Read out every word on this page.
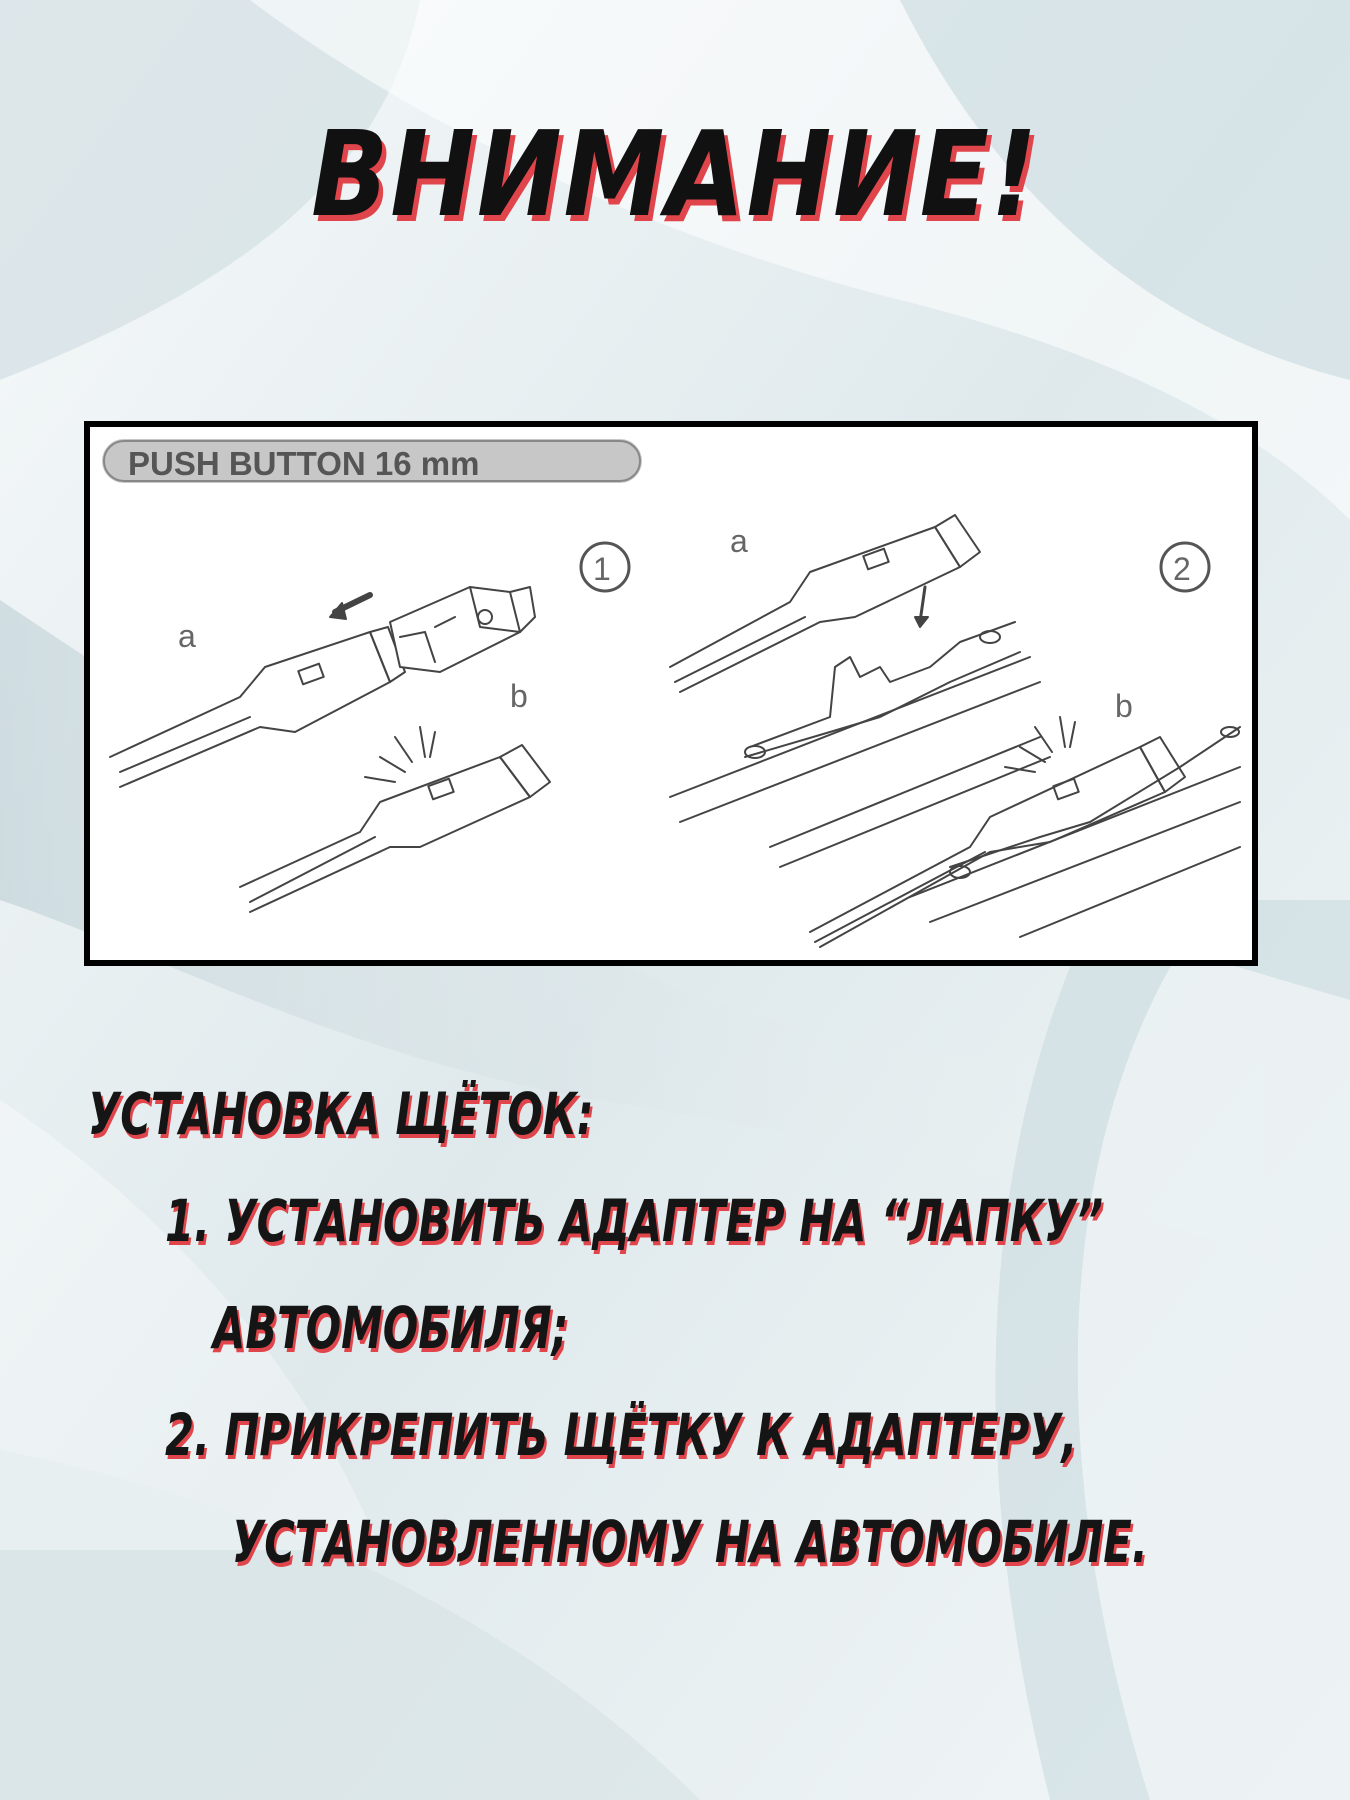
ВНИМАНИЕ!
PUSH BUTTON 16 mm
1	2
a
b
a
b
УСТАНОВКА ЩЁТОК:
1. УСТАНОВИТЬ АДАПТЕР НА “ЛАПКУ”
АВТОМОБИЛЯ;
2. ПРИКРЕПИТЬ ЩЁТКУ К АДАПТЕРУ,
УСТАНОВЛЕННОМУ НА АВТОМОБИЛЕ.
